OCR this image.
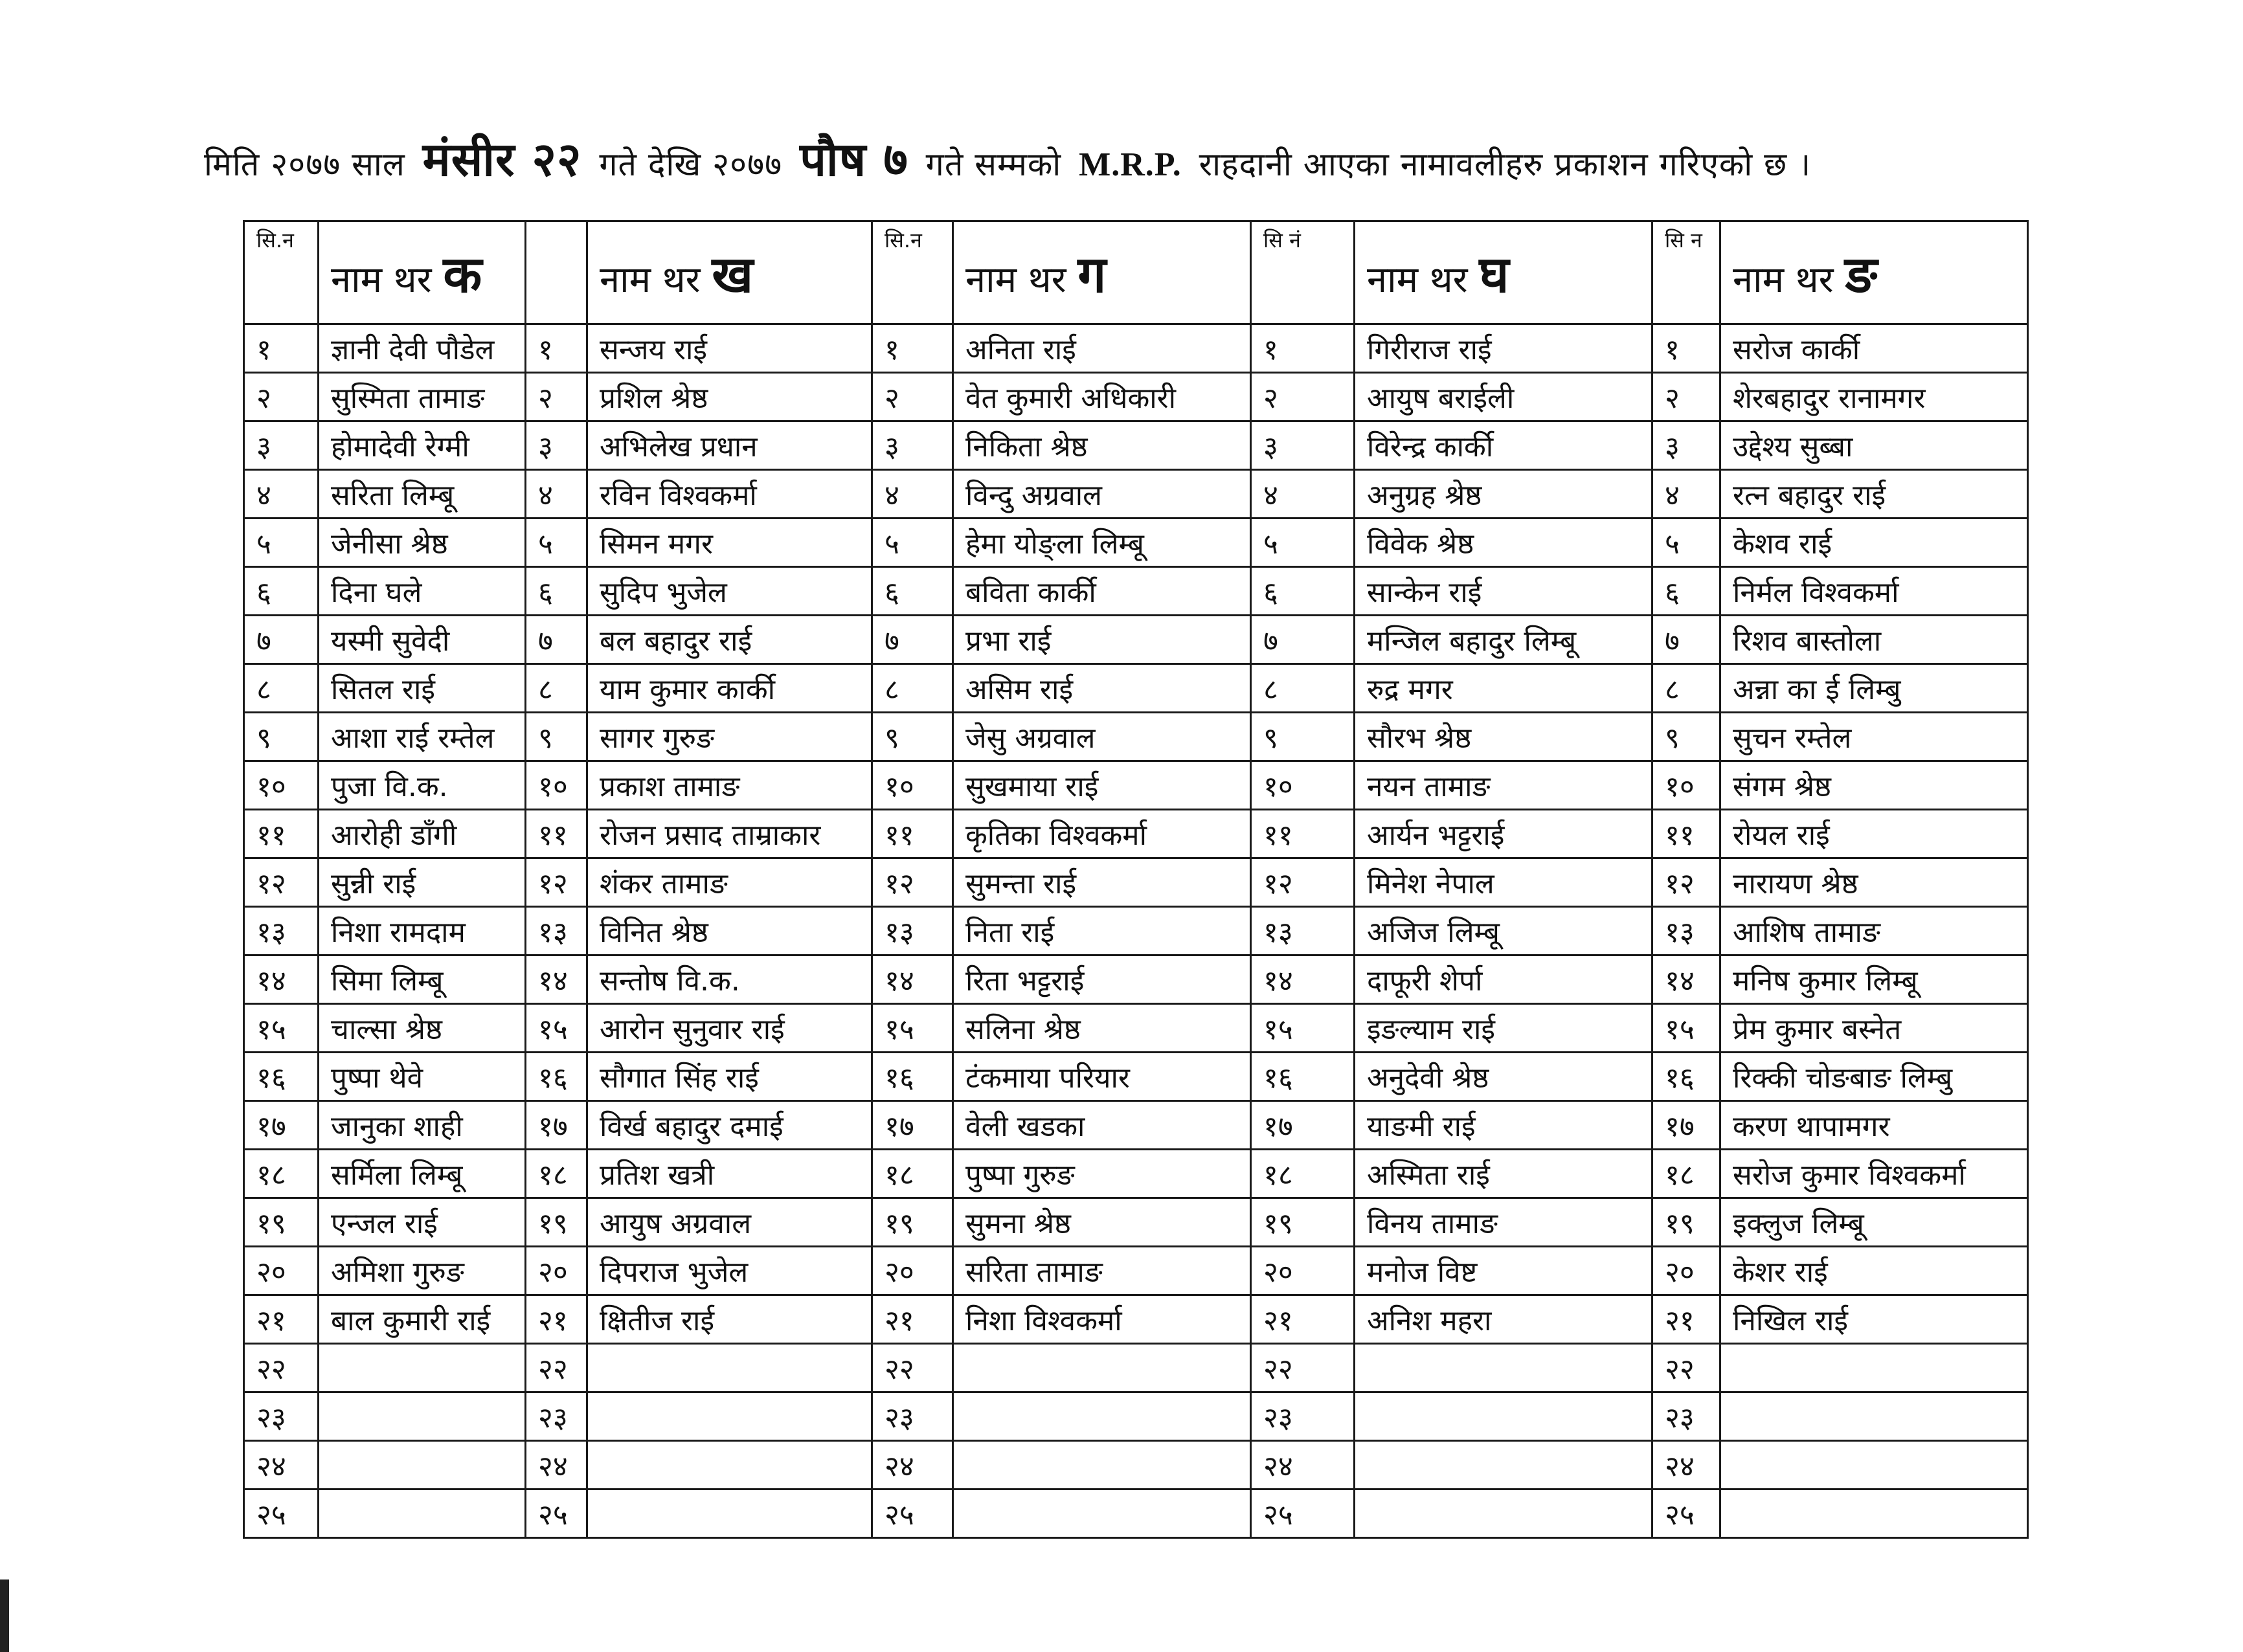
मिति २०७७ साल मंसीर २२ गते देखि २०७७ पौष ७ गते सम्मको M.R.P. राहदानी आएका नामावलीहरु प्रकाशन गरिएको छ ।
सि.न	नाम थर क		नाम थर ख	सि.न	नाम थर ग	सि नं	नाम थर घ	सि न	नाम थर ङ
१	ज्ञानी देवी पौडेल	१	सन्जय राई	१	अनिता राई	१	गिरीराज राई	१	सरोज कार्की
२	सुस्मिता तामाङ	२	प्रशिल श्रेष्ठ	२	वेत कुमारी अधिकारी	२	आयुष बराईली	२	शेरबहादुर रानामगर
३	होमादेवी रेग्मी	३	अभिलेख प्रधान	३	निकिता श्रेष्ठ	३	विरेन्द्र कार्की	३	उद्देश्य सुब्बा
४	सरिता लिम्बू	४	रविन विश्वकर्मा	४	विन्दु अग्रवाल	४	अनुग्रह श्रेष्ठ	४	रत्न बहादुर राई
५	जेनीसा श्रेष्ठ	५	सिमन मगर	५	हेमा योङ्ला लिम्बू	५	विवेक श्रेष्ठ	५	केशव राई
६	दिना घले	६	सुदिप भुजेल	६	बविता कार्की	६	सान्केन राई	६	निर्मल विश्वकर्मा
७	यस्मी सुवेदी	७	बल बहादुर राई	७	प्रभा राई	७	मन्जिल बहादुर लिम्बू	७	रिशव बास्तोला
८	सितल राई	८	याम कुमार कार्की	८	असिम राई	८	रुद्र मगर	८	अन्ना का ई लिम्बु
९	आशा राई रम्तेल	९	सागर गुरुङ	९	जेसु अग्रवाल	९	सौरभ श्रेष्ठ	९	सुचन रम्तेल
१०	पुजा वि.क.	१०	प्रकाश तामाङ	१०	सुखमाया राई	१०	नयन तामाङ	१०	संगम श्रेष्ठ
११	आरोही डाँगी	११	रोजन प्रसाद ताम्राकार	११	कृतिका विश्वकर्मा	११	आर्यन भट्टराई	११	रोयल राई
१२	सुन्नी राई	१२	शंकर तामाङ	१२	सुमन्ता राई	१२	मिनेश नेपाल	१२	नारायण श्रेष्ठ
१३	निशा रामदाम	१३	विनित श्रेष्ठ	१३	निता राई	१३	अजिज लिम्बू	१३	आशिष तामाङ
१४	सिमा लिम्बू	१४	सन्तोष वि.क.	१४	रिता भट्टराई	१४	दाफूरी शेर्पा	१४	मनिष कुमार लिम्बू
१५	चाल्सा श्रेष्ठ	१५	आरोन सुनुवार राई	१५	सलिना श्रेष्ठ	१५	इङल्याम राई	१५	प्रेम कुमार बस्नेत
१६	पुष्पा थेवे	१६	सौगात सिंह राई	१६	टंकमाया परियार	१६	अनुदेवी श्रेष्ठ	१६	रिक्की चोङबाङ लिम्बु
१७	जानुका शाही	१७	विर्ख बहादुर दमाई	१७	वेली खडका	१७	याङमी राई	१७	करण थापामगर
१८	सर्मिला लिम्बू	१८	प्रतिश खत्री	१८	पुष्पा गुरुङ	१८	अस्मिता राई	१८	सरोज कुमार विश्वकर्मा
१९	एन्जल राई	१९	आयुष अग्रवाल	१९	सुमना श्रेष्ठ	१९	विनय तामाङ	१९	इक्लुज लिम्बू
२०	अमिशा गुरुङ	२०	दिपराज भुजेल	२०	सरिता तामाङ	२०	मनोज विष्ट	२०	केशर राई
२१	बाल कुमारी राई	२१	क्षितीज राई	२१	निशा विश्वकर्मा	२१	अनिश महरा	२१	निखिल राई
२२		२२		२२		२२		२२	
२३		२३		२३		२३		२३	
२४		२४		२४		२४		२४	
२५		२५		२५		२५		२५	
